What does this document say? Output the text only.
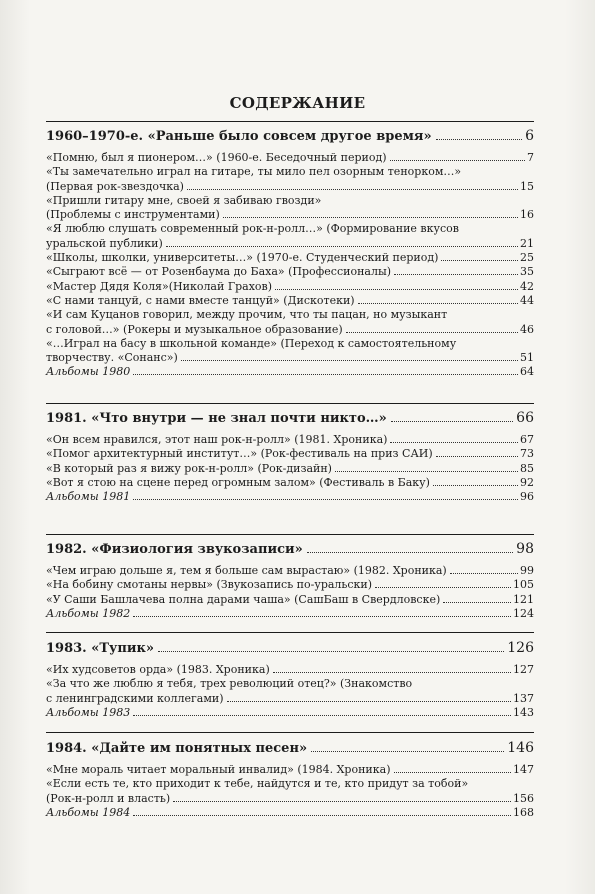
СОДЕРЖАНИЕ
1960–1970-е. «Раньше было совсем другое время»	6
«Помню, был я пионером…» (1960-е. Беседочный период)	7
«Ты замечательно играл на гитаре, ты мило пел озорным тенорком…»
(Первая рок-звездочка)	15
«Пришли гитару мне, своей я забиваю гвозди»
(Проблемы с инструментами)	16
«Я люблю слушать современный рок-н-ролл…» (Формирование вкусов
уральской публики)	21
«Школы, школки, университеты…» (1970-е. Студенческий период)	25
«Сыграют всё — от Розенбаума до Баха» (Профессионалы)	35
«Мастер Дядя Коля»(Николай Грахов)	42
«С нами танцуй, с нами вместе танцуй» (Дискотеки)	44
«И сам Куцанов говорил, между прочим, что ты пацан, но музыкант
с головой…» (Рокеры и музыкальное образование)	46
«…Играл на басу в школьной команде» (Переход к самостоятельному
творчеству. «Сонанс»)	51
Альбомы 1980	64
1981. «Что внутри — не знал почти никто…»	66
«Он всем нравился, этот наш рок-н-ролл» (1981. Хроника)	67
«Помог архитектурный институт…» (Рок-фестиваль на приз САИ)	73
«В который раз я вижу рок-н-ролл» (Рок-дизайн)	85
«Вот я стою на сцене перед огромным залом» (Фестиваль в Баку)	92
Альбомы 1981	96
1982. «Физиология звукозаписи»	98
«Чем играю дольше я, тем я больше сам вырастаю» (1982. Хроника)	99
«На бобину смотаны нервы» (Звукозапись по-уральски)	105
«У Саши Башлачева полна дарами чаша» (СашБаш в Свердловске)	121
Альбомы 1982	124
1983. «Тупик»	126
«Их худсоветов орда» (1983. Хроника)	127
«За что же люблю я тебя, трех революций отец?» (Знакомство
с ленинградскими коллегами)	137
Альбомы 1983	143
1984. «Дайте им понятных песен»	146
«Мне мораль читает моральный инвалид» (1984. Хроника)	147
«Если есть те, кто приходит к тебе, найдутся и те, кто придут за тобой»
(Рок-н-ролл и власть)	156
Альбомы 1984	168
